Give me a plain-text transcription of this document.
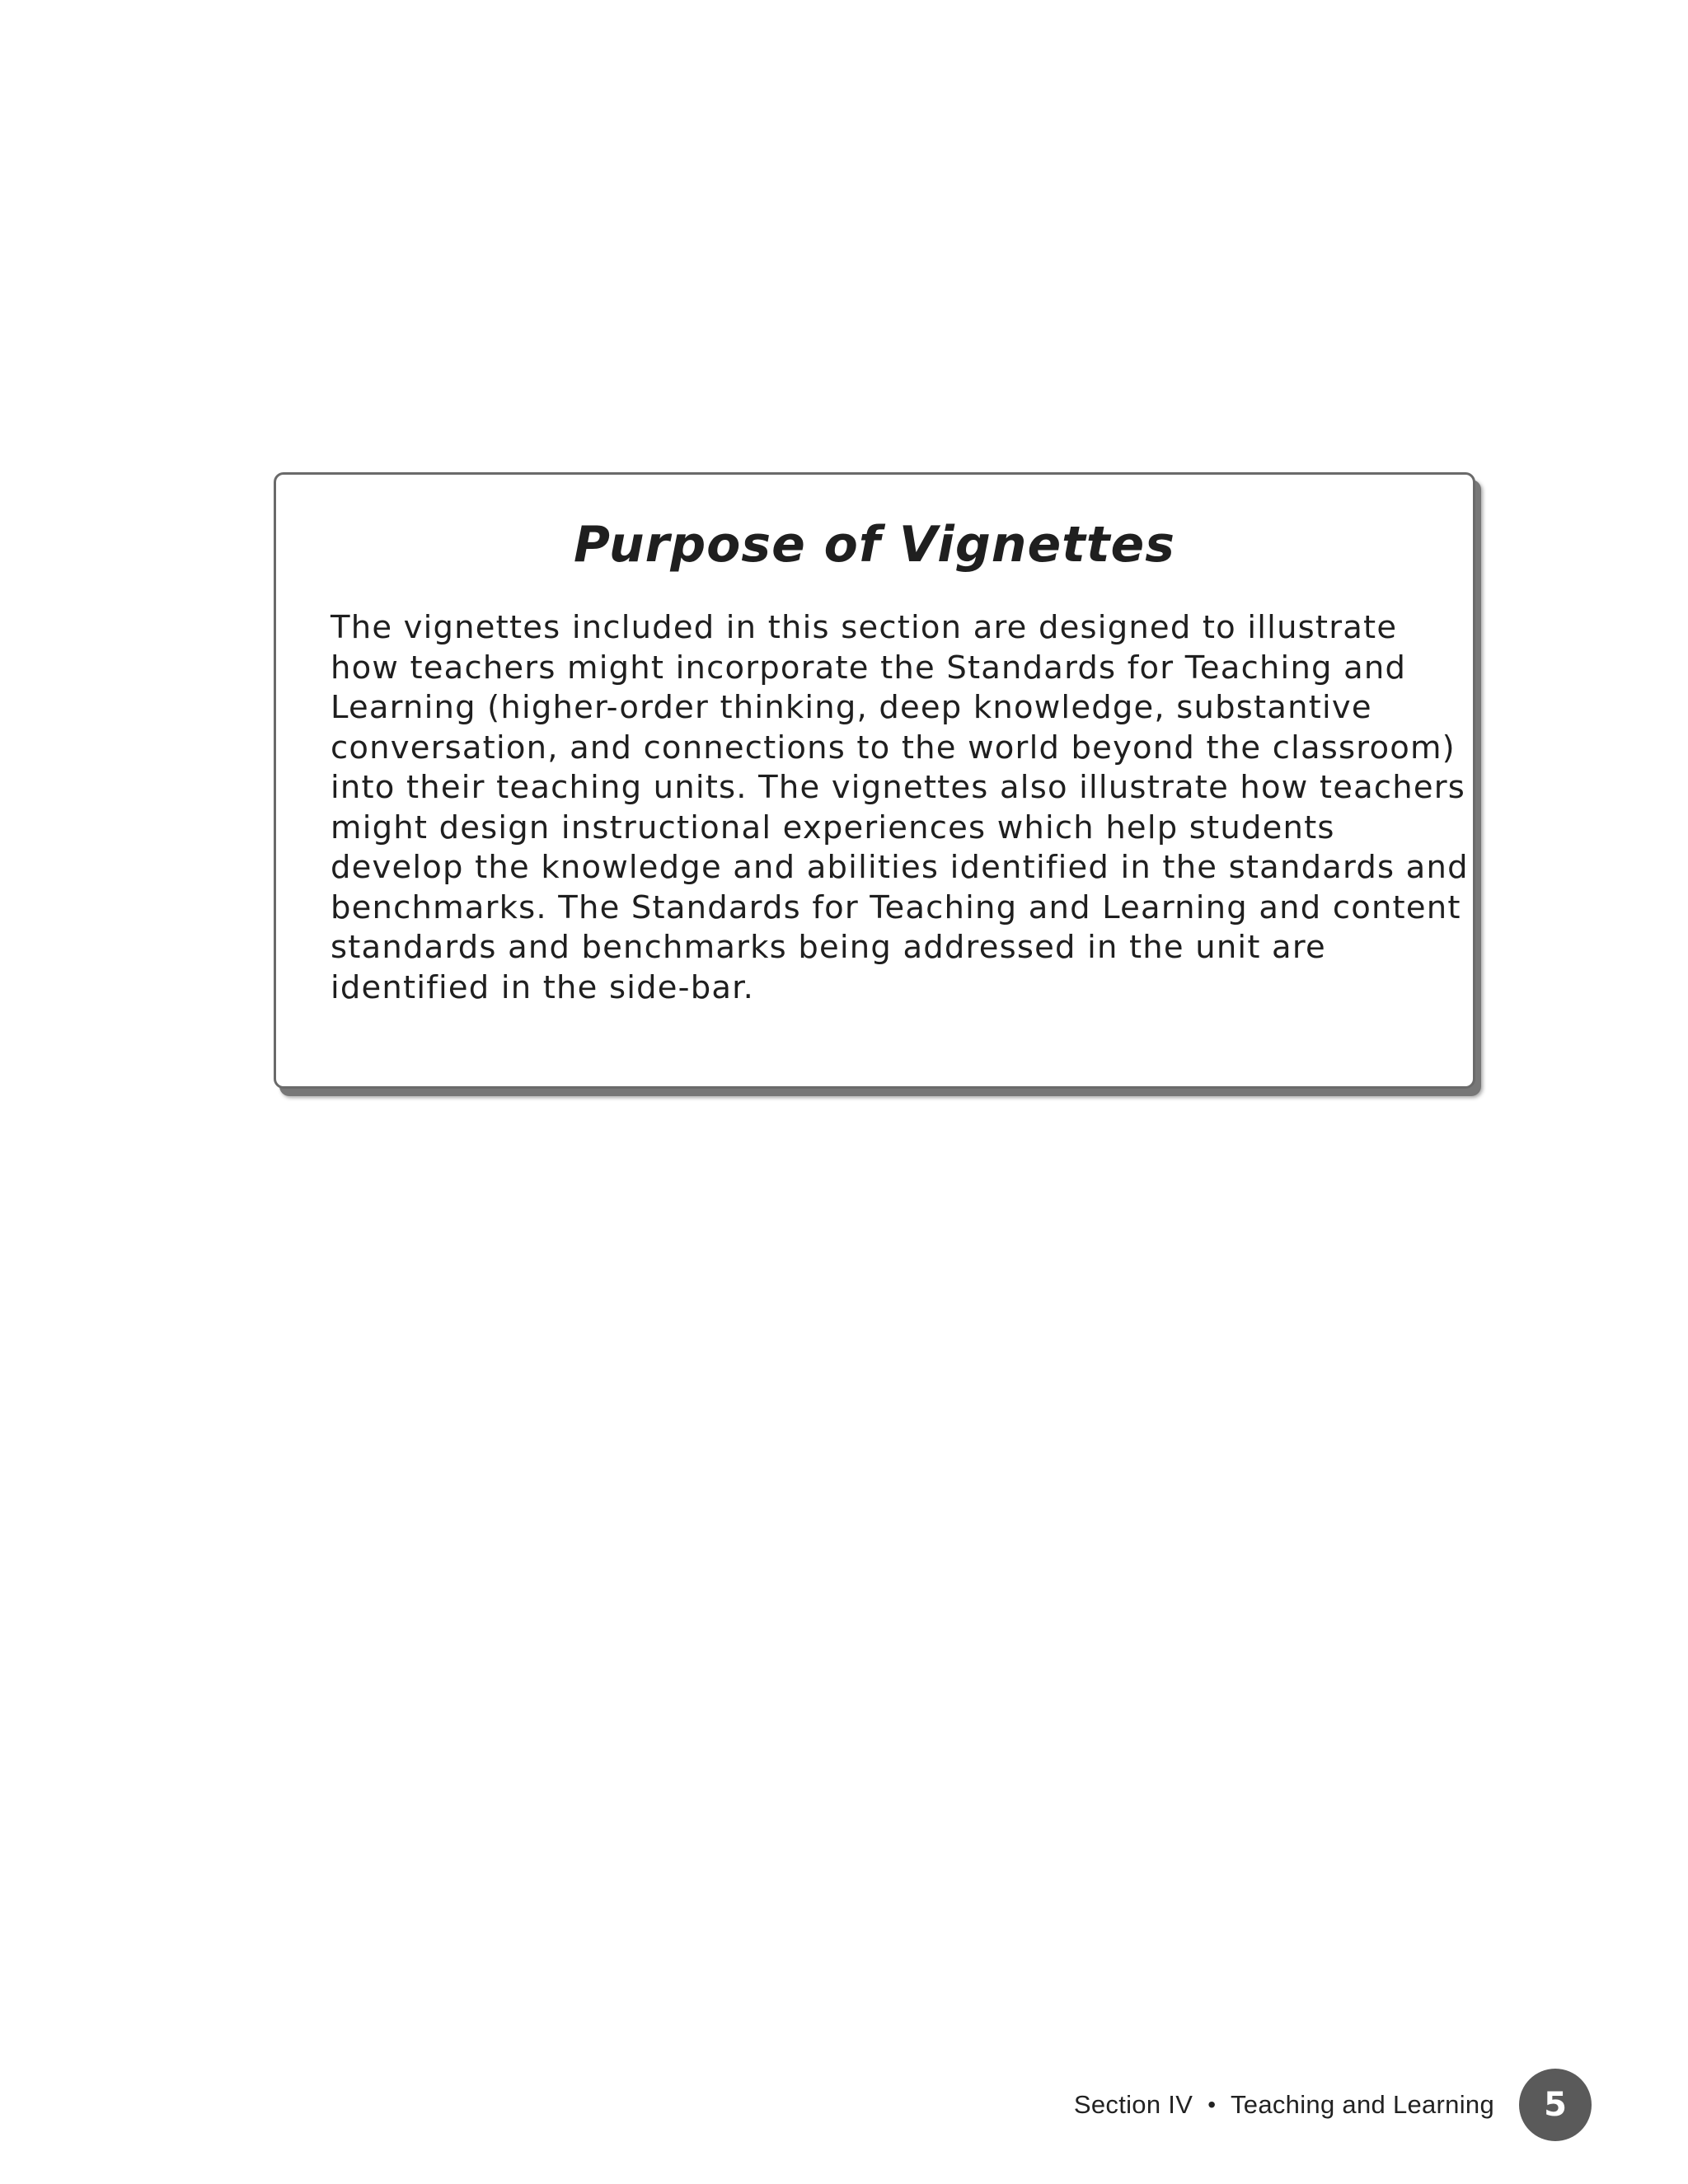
Purpose of Vignettes

The vignettes included in this section are designed to illustrate
how teachers might incorporate the Standards for Teaching and
Learning (higher-order thinking, deep knowledge, substantive
conversation, and connections to the world beyond the classroom)
into their teaching units. The vignettes also illustrate how teachers
might design instructional experiences which help students
develop the knowledge and abilities identified in the standards and
benchmarks. The Standards for Teaching and Learning and content
standards and benchmarks being addressed in the unit are
identified in the side-bar.

Section IV • Teaching and Learning 5
